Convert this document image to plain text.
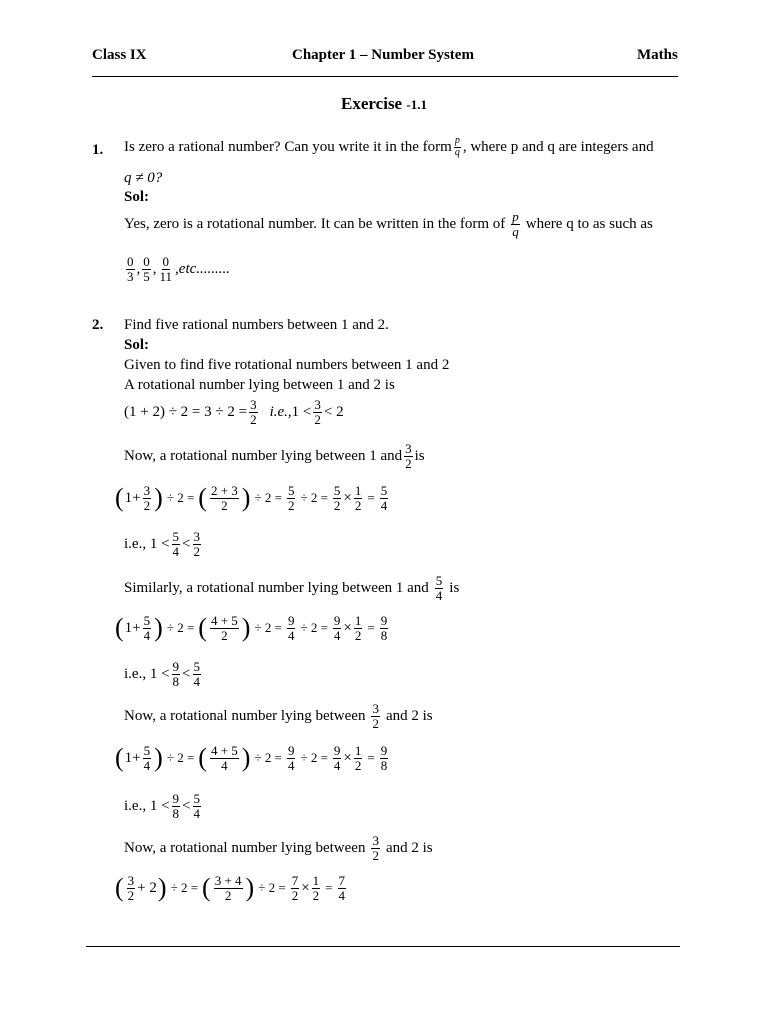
Class IX	Chapter 1 – Number System	Maths
Exercise -1.1
1. Is zero a rational number? Can you write it in the form $\frac{p}{q}$ , where p and q are integers and
q ≠ 0?
Sol:
Yes, zero is a rotational number. It can be written in the form of $\frac{p}{q}$ where q to as such as
$\frac{0}{3}$ , $\frac{0}{5}$ , $\frac{0}{11} ,etc$.........
2. Find five rational numbers between 1 and 2.
Sol:
Given to find five rotational numbers between 1 and 2
A rotational number lying between 1 and 2 is
$(1 + 2) \div 2 = 3 \div 2 = \frac{3}{2} i.e$., $1 < \frac{3}{2} < 2$
Now, a rotational number lying between 1 and $\frac{3}{2}$ is
( $1+ \frac{3}{2}$ ) ÷ 2 = ( $\frac{2 + 3}{2}$ ) ÷ $2 = \frac{5}{2} \div 2 = \frac{5}{2} \times \frac{1}{2} = \frac{5}{4}$
i.e., $1 < \frac{5}{4} < \frac{3}{2}$
Similarly, a rotational number lying between 1 and $\frac{5}{4}$ is
( $1+ \frac{5}{4}$ ) ÷ 2 = ( $\frac{4 + 5}{2}$ ) ÷ $2 = \frac{9}{4} \div 2 = \frac{9}{4} \times \frac{1}{2} = \frac{9}{8}$
i.e., $1 < \frac{9}{8} < \frac{5}{4}$
Now, a rotational number lying between $\frac{3}{2}$ and 2 is
( $1+ \frac{5}{4}$ ) ÷ 2 = ( $\frac{4 + 5}{4}$ ) ÷ $2 = \frac{9}{4} \div 2 = \frac{9}{4} \times \frac{1}{2} = \frac{9}{8}$
i.e., $1 < \frac{9}{8} < \frac{5}{4}$
Now, a rotational number lying between $\frac{3}{2}$ and 2 is
( $\frac{3}{2} + 2$ ) ÷ 2 = ( $\frac{3 + 4}{2}$ ) ÷ $2 = \frac{7}{2} \times \frac{1}{2} = \frac{7}{4}$
